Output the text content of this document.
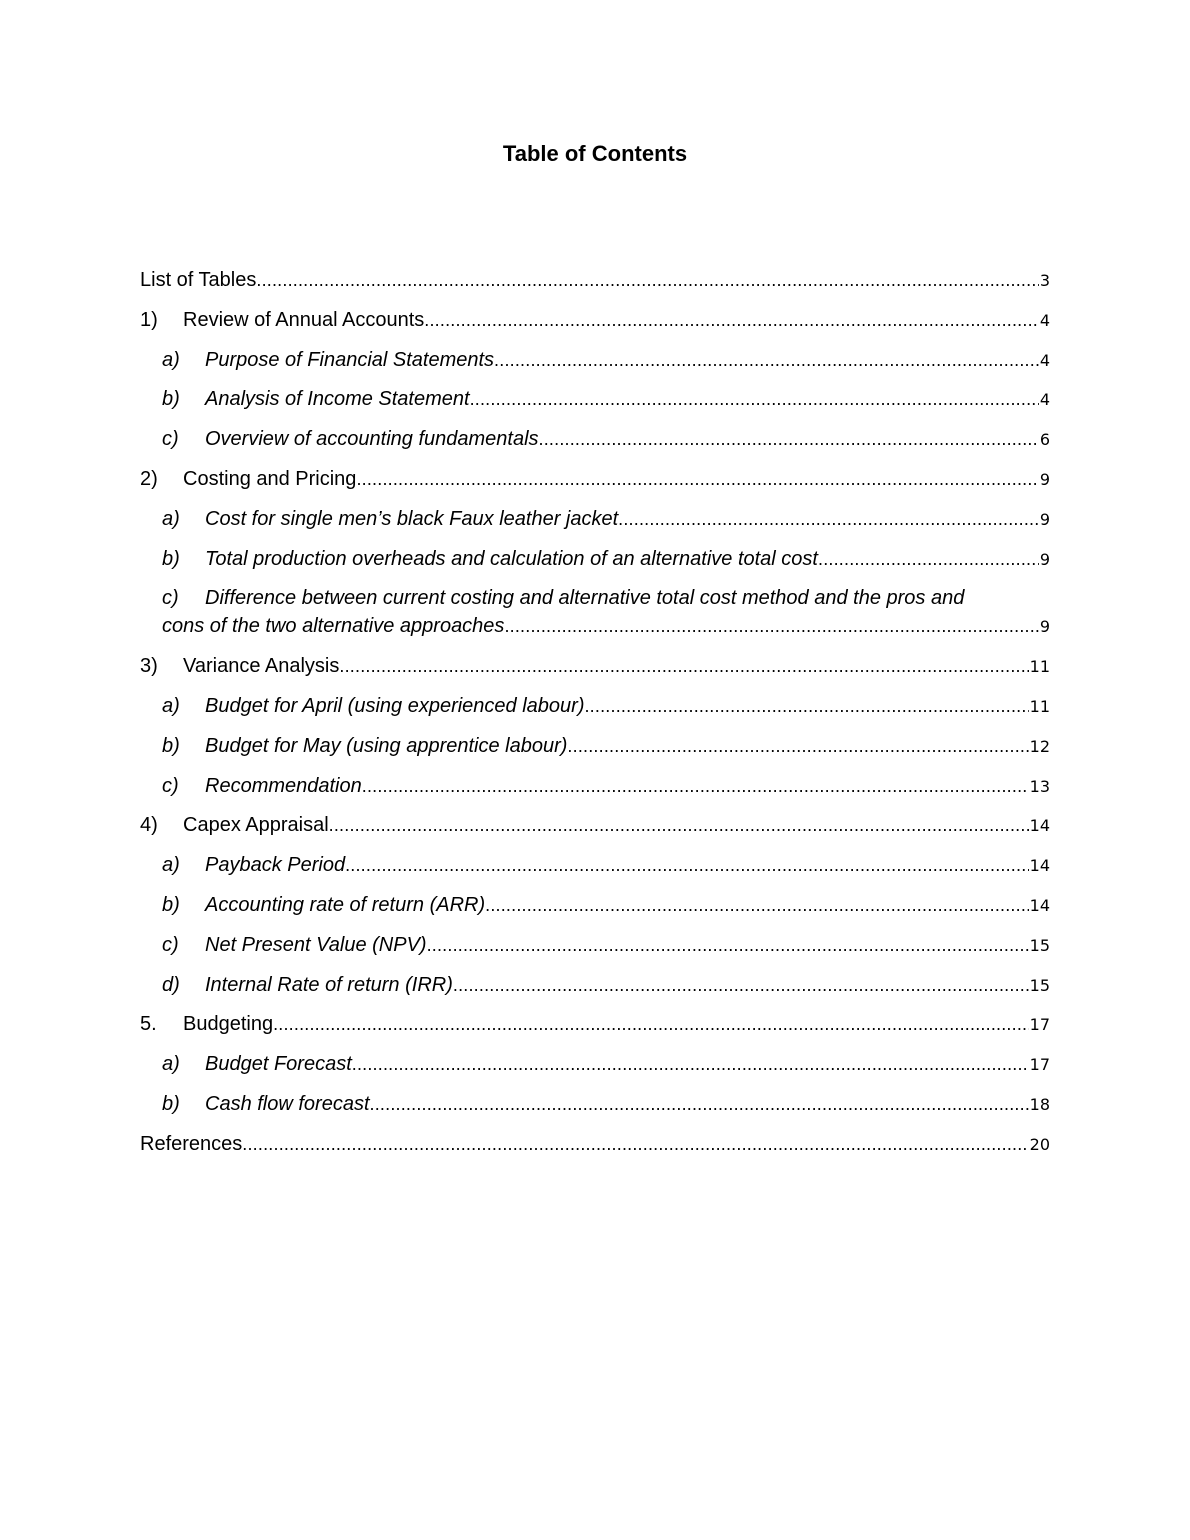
Table of Contents
List of Tables .....	3
1)	Review of Annual Accounts .....	4
a)	Purpose of Financial Statements .....	4
b)	Analysis of Income Statement .....	4
c)	Overview of accounting fundamentals .....	6
2)	Costing and Pricing .....	9
a)	Cost for single men’s black Faux leather jacket .....	9
b)	Total production overheads and calculation of an alternative total cost .....	9
c) Difference between current costing and alternative total cost method and the pros and
cons of the two alternative approaches .....	9
3)	Variance Analysis .....	11
a)	Budget for April (using experienced labour) .....	11
b)	Budget for May (using apprentice labour) .....	12
c)	Recommendation .....	13
4)	Capex Appraisal .....	14
a)	Payback Period .....	14
b)	Accounting rate of return (ARR) .....	14
c)	Net Present Value (NPV) .....	15
d)	Internal Rate of return (IRR) .....	15
5.	Budgeting .....	17
a)	Budget Forecast .....	17
b)	Cash flow forecast .....	18
References .....	20
